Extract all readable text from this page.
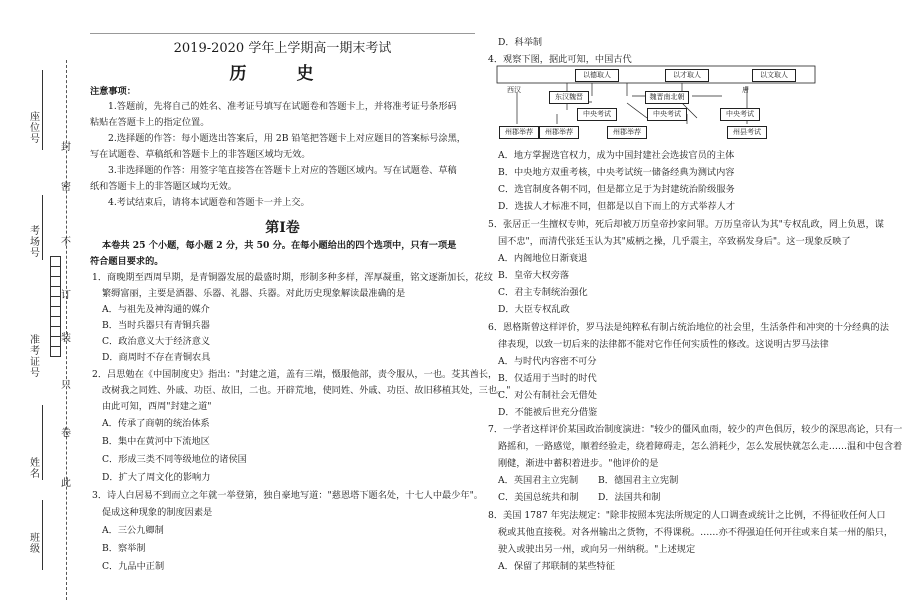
封
密
不
订
装
只
卷
此
座位号
考场号
准考证号
姓名
班级
2019-2020 学年上学期高一期末考试
历 史
注意事项：
1.答题前，先将自己的姓名、准考证号填写在试题卷和答题卡上，并将准考证号条形码
粘贴在答题卡上的指定位置。
2.选择题的作答：每小题选出答案后，用 2B 铅笔把答题卡上对应题目的答案标号涂黑，
写在试题卷、草稿纸和答题卡上的非答题区域均无效。
3.非选择题的作答：用签字笔直接答在答题卡上对应的答题区域内。写在试题卷、草稿
纸和答题卡上的非答题区域均无效。
4.考试结束后，请将本试题卷和答题卡一并上交。
第Ⅰ卷
本卷共 25 个小题，每小题 2 分，共 50 分。在每小题给出的四个选项中，只有一项是
符合题目要求的。
1．商晚期至西周早期，是青铜器发展的最盛时期，形制多种多样，浑厚凝重，铭文逐渐加长，花纹
繁缛富丽，主要是酒器、乐器、礼器、兵器。对此历史现象解读最准确的是
A．与祖先及神沟通的媒介
B．当时兵器只有青铜兵器
C．政治意义大于经济意义
D．商周时不存在青铜农具
2．吕思勉在《中国制度史》指出："封建之道，盖有三端，慑服他部，责令服从，一也。芟其酋长，
改树我之同姓、外戚、功臣、故旧，二也。开辟荒地，使同姓、外戚、功臣、故旧移植其处，三也。"
由此可知，西周"封建之道"
A．传承了商朝的统治体系
B．集中在黄河中下流地区
C．形成三类不同等级地位的诸侯国
D．扩大了周文化的影响力
3．诗人白居易不到而立之年就一举登第，独自豪地写道："慈恩塔下题名处，十七人中最少年"。
促成这种现象的制度因素是
A．三公九卿制
B．察举制
C．九品中正制
D．科举制
4．观察下图，据此可知，中国古代
A．地方掌握选官权力，成为中国封建社会选拔官员的主体
B．中央地方双重考核，中央考试统一储备经典为测试内容
C．选官制度各朝不同，但是都立足于为封建统治阶级服务
D．选拔人才标准不同，但都是以自下而上的方式举荐人才
5．张居正一生擅权专帅，死后却被万历皇帝抄家问罪。万历皇帝认为其"专权乱政，罔上负恩，谋
国不忠"，而清代张廷玉认为其"威柄之操，几乎震主，卒致祸发身后"。这一现象反映了
A．内阁地位日渐衰退
B．皇帝大权旁落
C．君主专制统治强化
D．大臣专权乱政
6．恩格斯曾这样评价，罗马法是纯粹私有制占统治地位的社会里，生活条件和冲突的十分经典的法
律表现，以致一切后来的法律都不能对它作任何实质性的修改。这说明古罗马法律
A．与时代内容密不可分
B．仅适用于当时的时代
C．对公有制社会无借处
D．不能被后世充分借鉴
7．一学者这样评价某国政治制度演进："较少的僵风血雨，较少的声色俱厉，较少的深思高论，只有一
路摇和，一路感觉，顺着经验走，绕着障碍走，怎么消耗少，怎么发展快就怎么走……温和中包含着
刚健，渐进中蓄积着进步。"他评价的是
A．英国君主立宪制 B．德国君主立宪制
C．美国总统共和制 D．法国共和制
8．美国 1787 年宪法规定："除非按照本宪法所规定的人口调查或统计之比例，不得征收任何人口
税或其他直接税。对各州输出之货物，不得课税。……亦不得强迫任何开往或来自某一州的船只，
驶入或驶出另一州，或向另一州纳税。"上述规定
A．保留了邦联制的某些特征
以德取人	以才取人	以文取人
西汉
东汉魏晋	魏晋南北朝
唐
中央考试	中央考试	中央考试
州郡举荐	州郡举荐	州郡举荐	州县考试
